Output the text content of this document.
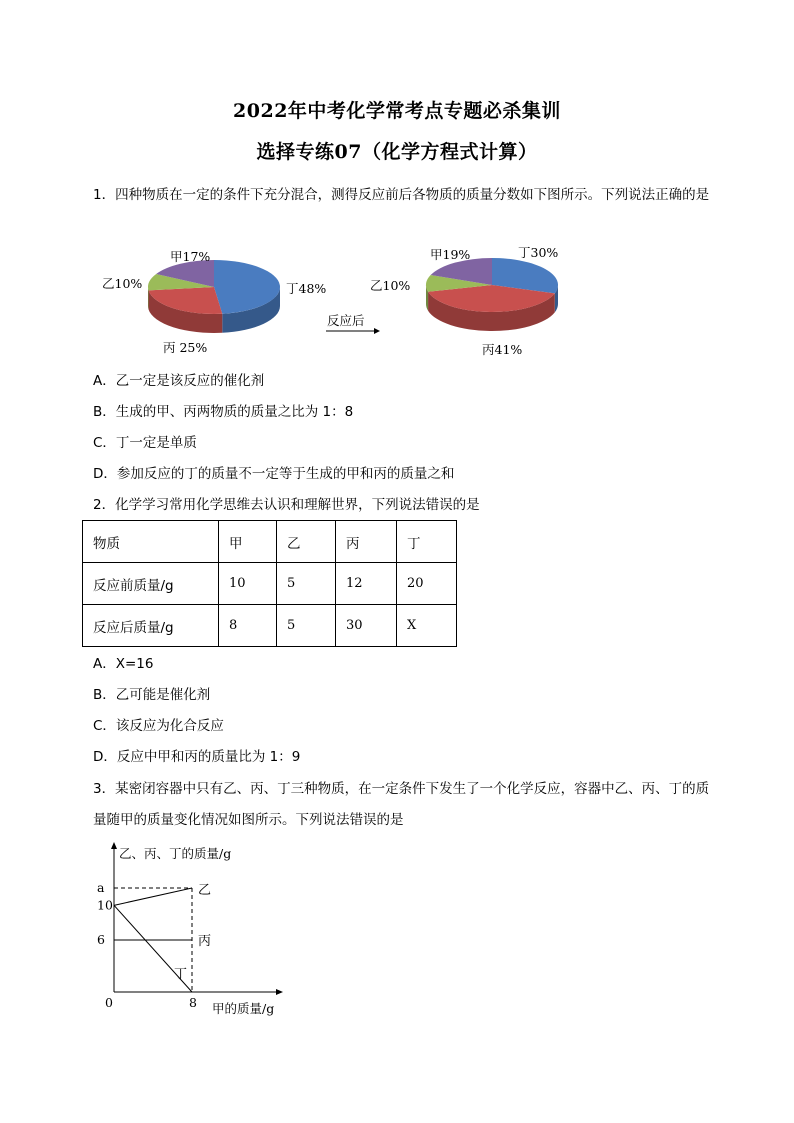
2022年中考化学常考点专题必杀集训
选择专练07（化学方程式计算）
1．四种物质在一定的条件下充分混合，测得反应前后各物质的质量分数如下图所示。下列说法正确的是
甲17%
乙10%	丁48%
丙 25%
反应后
甲19%	丁30%
乙10%
丙41%
A．乙一定是该反应的催化剂
B．生成的甲、丙两物质的质量之比为 1：8
C．丁一定是单质
D．参加反应的丁的质量不一定等于生成的甲和丙的质量之和
2．化学学习常用化学思维去认识和理解世界，下列说法错误的是
物质	甲	乙	丙	丁
反应前质量/g	10	5	12	20
反应后质量/g	8	5	30	X
A．X=16
B．乙可能是催化剂
C．该反应为化合反应
D．反应中甲和丙的质量比为 1：9
3．某密闭容器中只有乙、丙、丁三种物质，在一定条件下发生了一个化学反应，容器中乙、丙、丁的质量随甲的质量变化情况如图所示。下列说法错误的是
乙、丙、丁的质量/g
甲的质量/g
乙
丙
丁
6
10
a
0	8
